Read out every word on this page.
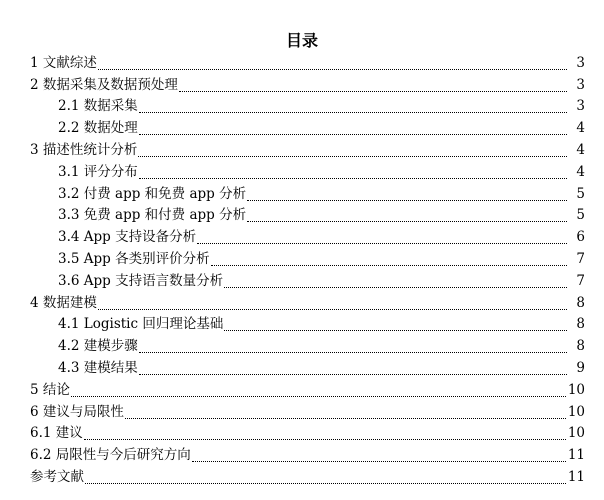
目录
1 文献综述	3
2 数据采集及数据预处理	3
2.1 数据采集	3
2.2 数据处理	4
3 描述性统计分析	4
3.1 评分分布	4
3.2 付费 app 和免费 app 分析	5
3.3 免费 app 和付费 app 分析	5
3.4 App 支持设备分析	6
3.5 App 各类别评价分析	7
3.6 App 支持语言数量分析	7
4 数据建模	8
4.1 Logistic 回归理论基础	8
4.2 建模步骤	8
4.3 建模结果	9
5 结论	10
6 建议与局限性	10
6.1 建议	10
6.2 局限性与今后研究方向	11
参考文献	11
